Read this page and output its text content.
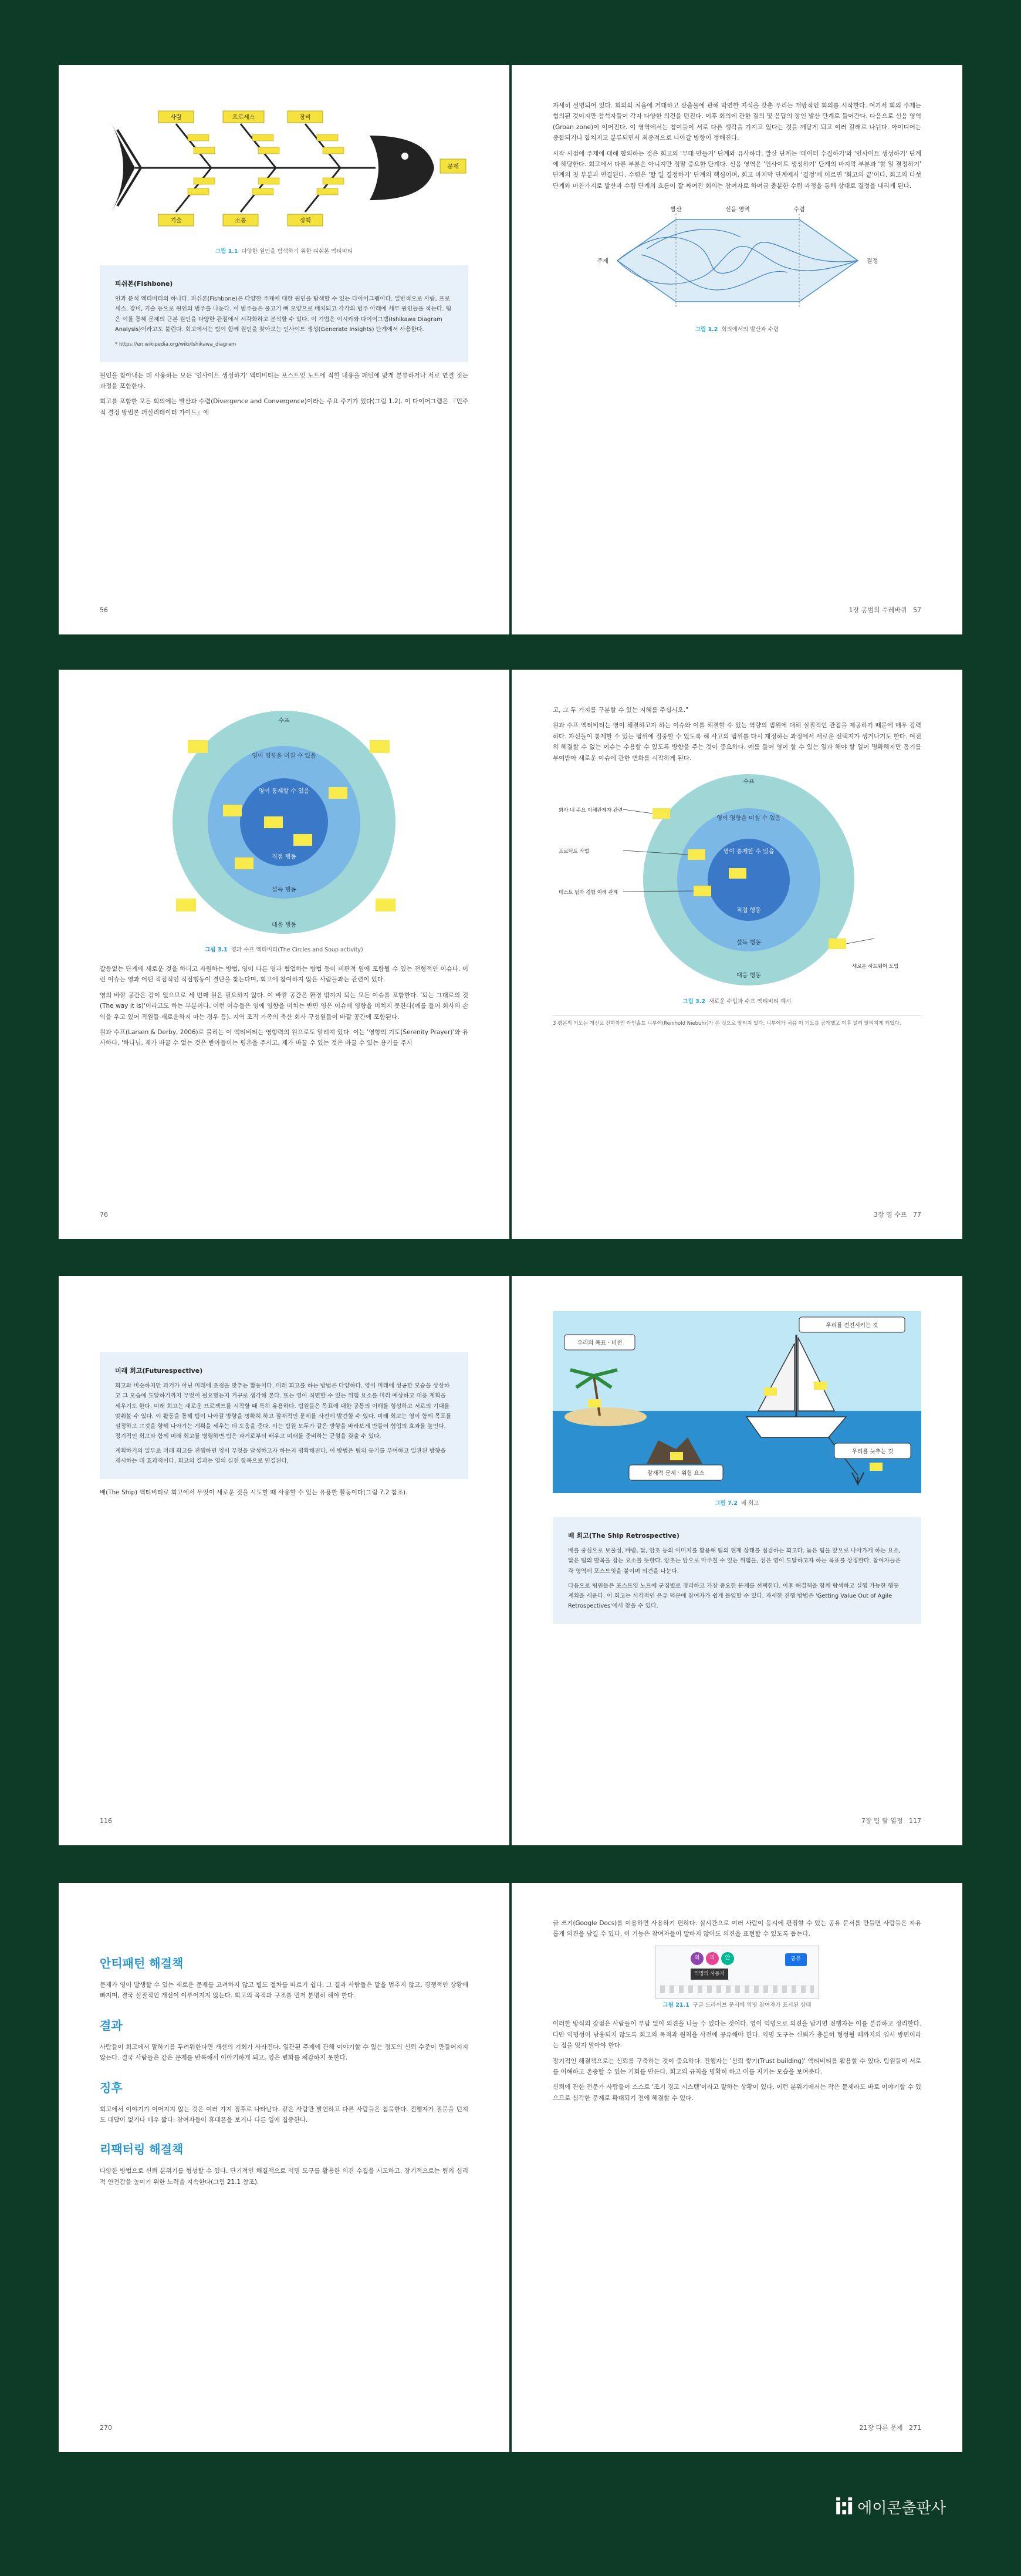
사람	프로세스	장비
기술	소통	정책
문제
그림 1.1 다양한 원인을 탐색하기 위한 피쉬본 액티비티
피쉬본(Fishbone)
인과 분석 액티비티의 하나다. 피쉬본(Fishbone)은 다양한 주제에 대한 원인을 탐색할 수 있는 다이어그램이다. 일반적으로 사람, 프로세스, 장비, 기술 등으로 원인의 범주를 나눈다. 이 범주들은 물고기 뼈 모양으로 배치되고 각각의 범주 아래에 세부 원인들을 적는다. 팀은 이를 통해 문제의 근본 원인을 다양한 관점에서 시각화하고 분석할 수 있다. 이 기법은 이시카와 다이어그램(Ishikawa Diagram Analysis)이라고도 불린다. 회고에서는 팀이 함께 원인을 찾아보는 인사이트 생성(Generate Insights) 단계에서 사용한다.
* https://en.wikipedia.org/wiki/Ishikawa_diagram

원인을 찾아내는 데 사용하는 모든 '인사이트 생성하기' 액티비티는 포스트잇 노트에 적힌 내용을 패턴에 맞게 분류하거나 서로 연결 짓는 과정을 포함한다.

회고를 포함한 모든 회의에는 발산과 수렴(Divergence and Convergence)이라는 주요 주기가 있다(그림 1.2). 이 다이어그램은 『민주적 결정 방법론 퍼실리테이터 가이드』에

56

자세히 설명되어 있다. 회의의 처음에 거대하고 산출물에 관해 막연한 지식을 갖춘 우리는 개방적인 회의를 시작한다. 여기서 회의 주제는 협의된 것이지만 참석자들이 각자 다양한 의견을 던진다. 이후 회의에 관한 질의 및 응답의 장인 발산 단계로 들어간다. 다음으로 신음 영역(Groan zone)이 이어진다. 이 영역에서는 참여들이 서로 다른 생각을 가지고 있다는 것을 깨닫게 되고 여러 갈래로 나뉜다. 아이디어는 종합되거나 합쳐지고 분류되면서 최종적으로 나아갈 방향이 정해진다.

시작 시점에 주제에 대해 합의하는 것은 회고의 '무대 만들기' 단계와 유사하다. 발산 단계는 '데이터 수집하기'와 '인사이트 생성하기' 단계에 해당한다. 회고에서 다른 부분은 아니지만 정말 중요한 단계다. 신음 영역은 '인사이트 생성하기' 단계의 마지막 부분과 '할 일 결정하기' 단계의 첫 부분과 연결된다. 수렴은 '할 일 결정하기' 단계의 핵심이며, 회고 마지막 단계에서 '결정'에 이르면 '회고의 끝'이다. 회고의 다섯 단계와 마찬가지로 발산과 수렴 단계의 흐름이 잘 짜여진 회의는 참여자로 하여금 충분한 수렴 과정을 통해 상대로 결정을 내리게 된다.

발산	신음 영역	수렴
주제	결정
그림 1.2 회의에서의 발산과 수렴
1장 공범의 수레바퀴 57
수프
영이 영향을 미칠 수 있음
영이 통제할 수 있음
직접 행동
설득 행동
대응 행동
그림 3.1 영과 수프 액티비티(The Circles and Soup activity)

갈등없는 단계에 새로운 것을 하더고 자원하는 방법, 영이 다른 영과 협업하는 방법 등이 비판적 원에 포함될 수 있는 전형적인 이슈다. 이런 이슈는 영과 어떤 직접적인 직접행동이 결단을 찾는다며, 회고에 참여하지 않은 사람들과는 관련이 있다.

영의 바깥 공간은 감이 없으므로 세 번째 원은 필요하지 않다. 이 바깥 공간은 환경 밖까지 되는 모든 이슈를 포함한다. '되는 그대로의 것(The way it is)'이라고도 하는 부분이다. 이런 이슈들은 영에 영향을 미치는 반면 영은 이슈에 영향을 미치지 못한다(예를 들어 회사의 손익을 우고 있어 직원들 새로운하지 마는 경우 등). 지역 조직 가족의 축산 회사 구성원들이 바깥 공간에 포함된다.

원과 수프(Larsen & Derby, 2006)로 불리는 이 액티비티는 영향력의 원으로도 알려져 있다. 이는 '영향의 기도(Serenity Prayer)'와 유사하다. '하나님, 제가 바꿀 수 없는 것은 받아들이는 평온을 주시고, 제가 바꿀 수 있는 것은 바꿀 수 있는 용기를 주시

76

고, 그 두 가지를 구분할 수 있는 지혜를 주십시오."

원과 수프 액티비티는 영이 해결하고자 하는 이슈와 이를 해결할 수 있는 역량의 범위에 대해 실질적인 관점을 제공하기 때문에 매우 강력하다. 자신들이 통제할 수 있는 범위에 집중할 수 있도록 해 사고의 범위를 다시 재정하는 과정에서 새로운 선택지가 생겨나기도 한다. 여전히 해결할 수 없는 이슈는 수용할 수 있도록 방향을 주는 것이 중요하다. 예를 들어 영이 할 수 있는 일과 해야 할 일이 명확해지면 동기를 부여받아 새로운 이슈에 관한 변화를 시작하게 된다.

회사 내 주요 이해관계자 관련
프로덕트 작업
테스트 팀과 경험 이해 관계
새로운 하드웨어 도입
수프
영이 영향을 미칠 수 있음
영이 통제할 수 있음
직접 행동
설득 행동
대응 행동
그림 3.2 새로운 수입과 수프 액티비티 예시
3 평온의 기도는 개신교 신학자인 라인홀드 니부어(Reinhold Niebuhr)가 쓴 것으로 알려져 있다. 니부어가 처음 이 기도를 공개했고 이후 널리 알려지게 되었다.
3장 영 수프 77
미래 회고(Futurespective)
회고와 비슷하지만 과거가 아닌 미래에 초점을 맞추는 활동이다. 미래 회고를 하는 방법은 다양하다. 영이 미래에 성공한 모습을 상상하고 그 모습에 도달하기까지 무엇이 필요했는지 거꾸로 생각해 본다. 또는 영이 직면할 수 있는 위험 요소를 미리 예상하고 대응 계획을 세우기도 한다. 미래 회고는 새로운 프로젝트를 시작할 때 특히 유용하다. 팀원들은 목표에 대한 공통의 이해를 형성하고 서로의 기대를 맞춰볼 수 있다. 이 활동을 통해 팀이 나아갈 방향을 명확히 하고 잠재적인 문제를 사전에 발견할 수 있다. 미래 회고는 영이 함께 목표를 설정하고 그것을 향해 나아가는 계획을 세우는 데 도움을 준다. 이는 팀원 모두가 같은 방향을 바라보게 만들어 협업의 효과를 높인다. 정기적인 회고와 함께 미래 회고를 병행하면 팀은 과거로부터 배우고 미래를 준비하는 균형을 갖출 수 있다.
계획하기의 일부로 미래 회고를 진행하면 영이 무엇을 달성하고자 하는지 명확해진다. 이 방법은 팀의 동기를 부여하고 일관된 방향을 제시하는 데 효과적이다. 회고의 결과는 영의 실천 항목으로 연결된다.

배(The Ship) 액티비티로 회고에서 무엇이 새로운 것을 시도할 때 사용할 수 있는 유용한 활동이다(그림 7.2 참조).

116
우리의 목표 · 비전
우리를 전진시키는 것
잠재적 문제 · 위험 요소
우리를 늦추는 것
그림 7.2 배 회고
배 회고(The Ship Retrospective)
배를 중심으로 보물섬, 바람, 닻, 암초 등의 이미지를 활용해 팀의 현재 상태를 점검하는 회고다. 돛은 팀을 앞으로 나아가게 하는 요소, 닻은 팀의 발목을 잡는 요소를 뜻한다. 암초는 앞으로 마주칠 수 있는 위험을, 섬은 영이 도달하고자 하는 목표를 상징한다. 참여자들은 각 영역에 포스트잇을 붙이며 의견을 나눈다.
다음으로 팀원들은 포스트잇 노트에 군집별로 정리하고 가장 중요한 문제를 선택한다. 이후 해결책을 함께 탐색하고 실행 가능한 행동 계획을 세운다. 이 회고는 시각적인 은유 덕분에 참여자가 쉽게 몰입할 수 있다. 자세한 진행 방법은 'Getting Value Out of Agile Retrospectives'에서 찾을 수 있다.
7장 팀 탈 일정 117
안티패턴 해결책

문제가 영이 발생할 수 있는 새로운 문제를 고려하지 않고 별도 절차를 따르기 쉽다. 그 결과 사람들은 말을 멈추지 않고, 경쟁적인 상황에 빠지며, 결국 실질적인 개선이 이루어지지 않는다. 회고의 목적과 구조를 먼저 분명히 해야 한다.

결과

사람들이 회고에서 말하기를 두려워한다면 개선의 기회가 사라진다. 일관된 주제에 관해 이야기할 수 있는 정도의 신뢰 수준이 만들어지지 않는다. 결국 사람들은 같은 문제를 반복해서 이야기하게 되고, 영은 변화를 체감하지 못한다.

징후

회고에서 이야기가 이어지지 않는 것은 여러 가지 징후로 나타난다. 같은 사람만 발언하고 다른 사람들은 침묵한다. 진행자가 질문을 던져도 대답이 없거나 매우 짧다. 참여자들이 휴대폰을 보거나 다른 일에 집중한다.

리팩터링 해결책

다양한 방법으로 신뢰 분위기를 형성할 수 있다. 단기적인 해결책으로 익명 도구를 활용한 의견 수집을 시도하고, 장기적으로는 팀의 심리적 안전감을 높이기 위한 노력을 지속한다(그림 21.1 참조).

270

글 쓰기(Google Docs)를 이용하면 사용하기 편하다. 실시간으로 여러 사람이 동시에 편집할 수 있는 공유 문서를 만들면 사람들은 자유롭게 의견을 남길 수 있다. 이 기능은 참여자들이 말하지 않아도 의견을 표현할 수 있도록 돕는다.

회	의	안	공유
익명의 사용자
그림 21.1 구글 드라이브 문서에 익명 참여자가 표시된 상태

이러한 방식의 장점은 사람들이 부담 없이 의견을 나눌 수 있다는 것이다. 영이 익명으로 의견을 남기면 진행자는 이를 분류하고 정리한다. 다만 익명성이 남용되지 않도록 회고의 목적과 원칙을 사전에 공유해야 한다. 익명 도구는 신뢰가 충분히 형성될 때까지의 임시 방편이라는 점을 잊지 말아야 한다.

장기적인 해결책으로는 신뢰를 구축하는 것이 중요하다. 진행자는 '신뢰 쌓기(Trust building)' 액티비티를 활용할 수 있다. 팀원들이 서로를 이해하고 존중할 수 있는 기회를 만든다. 회고의 규칙을 명확히 하고 이를 지키는 모습을 보여준다.

신뢰에 관한 전문가 사람들이 스스로 '조기 경고 시스템'이라고 말하는 상황이 있다. 이런 분위기에서는 작은 문제라도 바로 이야기할 수 있으므로 심각한 문제로 확대되기 전에 해결할 수 있다.

21장 다른 문제 271
i:i 에이콘출판사
